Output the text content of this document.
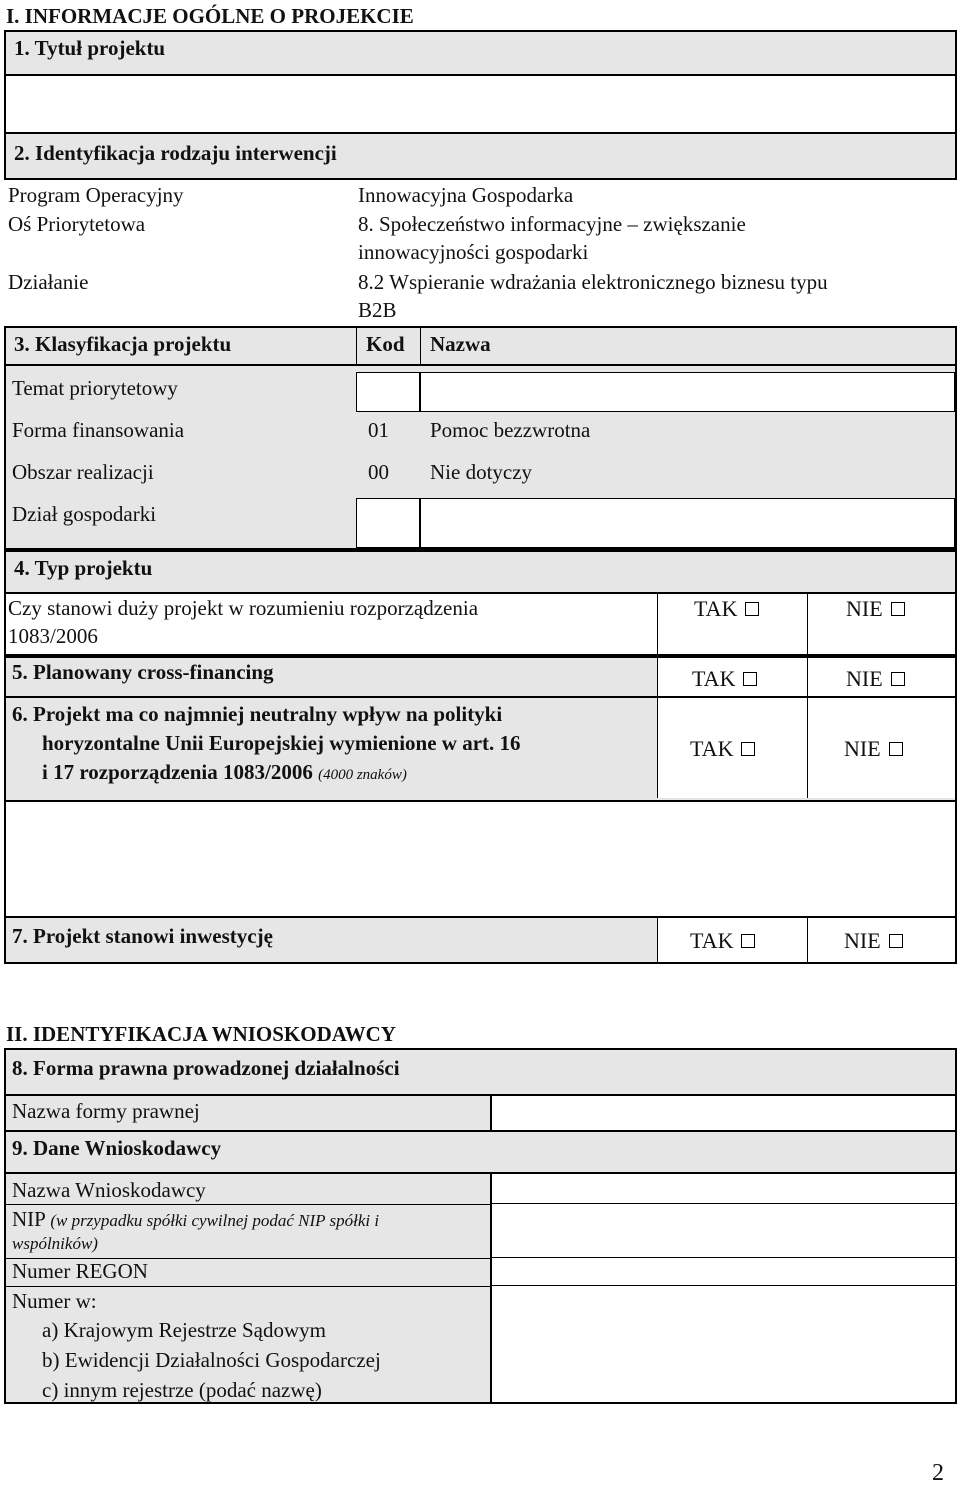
I. INFORMACJE OGÓLNE O PROJEKCIE
1. Tytuł projektu
2. Identyfikacja rodzaju interwencji
Program Operacyjny	Innowacyjna Gospodarka
Oś Priorytetowa	8. Społeczeństwo informacyjne – zwiększanie
innowacyjności gospodarki
Działanie	8.2 Wspieranie wdrażania elektronicznego biznesu typu
B2B
3. Klasyfikacja projektu	Kod Nazwa
Temat priorytetowy
Forma finansowania	01 Pomoc bezzwrotna
Obszar realizacji	00 Nie dotyczy
Dział gospodarki
4. Typ projektu
Czy stanowi duży projekt w rozumieniu rozporządzenia
1083/2006
TAK	NIE
5. Planowany cross-financing	TAK	NIE
6. Projekt ma co najmniej neutralny wpływ na polityki
horyzontalne Unii Europejskiej wymienione w art. 16
i 17 rozporządzenia 1083/2006 (4000 znaków)
TAK	NIE
7. Projekt stanowi inwestycję	TAK	NIE
II. IDENTYFIKACJA WNIOSKODAWCY
8. Forma prawna prowadzonej działalności
Nazwa formy prawnej
9. Dane Wnioskodawcy
Nazwa Wnioskodawcy
NIP (w przypadku spółki cywilnej podać NIP spółki i
wspólników)
Numer REGON
Numer w:
a) Krajowym Rejestrze Sądowym
b) Ewidencji Działalności Gospodarczej
c) innym rejestrze (podać nazwę)
2
